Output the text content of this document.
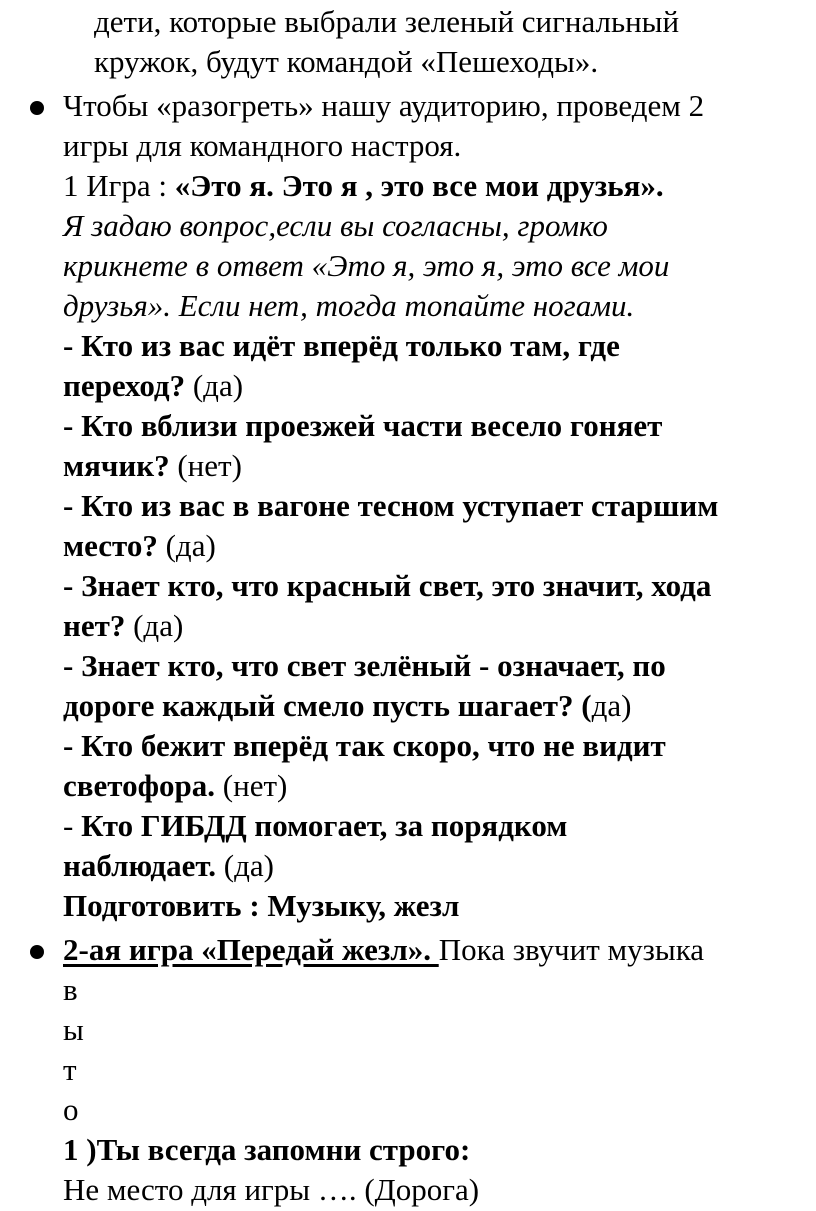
дети, которые выбрали зеленый сигнальный
кружок, будут командой «Пешеходы».
Чтобы «разогреть» нашу аудиторию, проведем 2
игры для командного настроя.
1 Игра : «Это я. Это я , это все мои друзья».
Я задаю вопрос,если вы согласны, громко
крикнете в ответ «Это я, это я, это все мои
друзья». Если нет, тогда топайте ногами.
- Кто из вас идёт вперёд только там, где
переход? (да)
- Кто вблизи проезжей части весело гоняет
мячик? (нет)
- Кто из вас в вагоне тесном уступает старшим
место? (да)
- Знает кто, что красный свет, это значит, хода
нет? (да)
- Знает кто, что свет зелёный - означает, по
дороге каждый смело пусть шагает? (да)
- Кто бежит вперёд так скоро, что не видит
светофора. (нет)
- Кто ГИБДД помогает, за порядком
наблюдает. (да)
Подготовить : Музыку, жезл
2-ая игра «Передай жезл». Пока звучит музыка
в
ы
т
о
1 )Ты всегда запомни строго:
Не место для игры …. (Дорога)
